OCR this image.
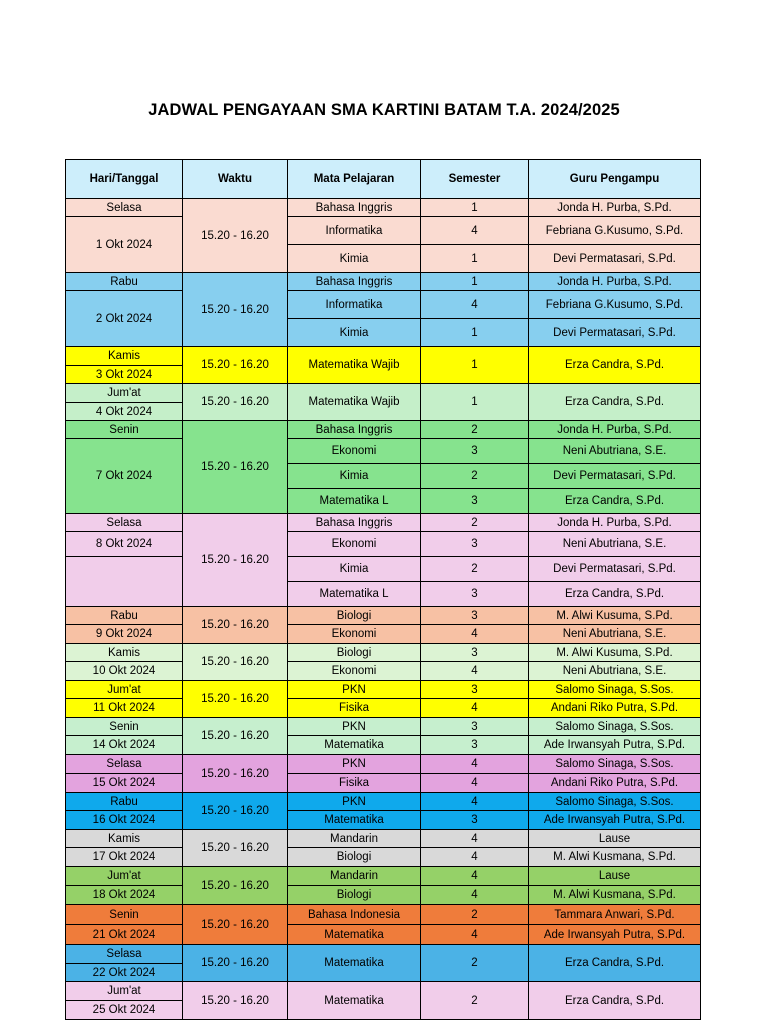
JADWAL PENGAYAAN SMA KARTINI BATAM T.A. 2024/2025
Hari/Tanggal	Waktu	Mata Pelajaran	Semester	Guru Pengampu
Selasa	15.20 - 16.20	Bahasa Inggris	1	Jonda H. Purba, S.Pd.
1 Okt 2024		Informatika	4	Febriana G.Kusumo, S.Pd.
		Kimia	1	Devi Permatasari, S.Pd.
Rabu	15.20 - 16.20	Bahasa Inggris	1	Jonda H. Purba, S.Pd.
2 Okt 2024		Informatika	4	Febriana G.Kusumo, S.Pd.
		Kimia	1	Devi Permatasari, S.Pd.
Kamis	15.20 - 16.20	Matematika Wajib	1	Erza Candra, S.Pd.
3 Okt 2024				
Jum'at	15.20 - 16.20	Matematika Wajib	1	Erza Candra, S.Pd.
4 Okt 2024				
Senin	15.20 - 16.20	Bahasa Inggris	2	Jonda H. Purba, S.Pd.
7 Okt 2024		Ekonomi	3	Neni Abutriana, S.E.
		Kimia	2	Devi Permatasari, S.Pd.
		Matematika L	3	Erza Candra, S.Pd.
Selasa	15.20 - 16.20	Bahasa Inggris	2	Jonda H. Purba, S.Pd.
8 Okt 2024		Ekonomi	3	Neni Abutriana, S.E.
		Kimia	2	Devi Permatasari, S.Pd.
		Matematika L	3	Erza Candra, S.Pd.
Rabu	15.20 - 16.20	Biologi	3	M. Alwi Kusuma, S.Pd.
9 Okt 2024		Ekonomi	4	Neni Abutriana, S.E.
Kamis	15.20 - 16.20	Biologi	3	M. Alwi Kusuma, S.Pd.
10 Okt 2024		Ekonomi	4	Neni Abutriana, S.E.
Jum'at	15.20 - 16.20	PKN	3	Salomo Sinaga, S.Sos.
11 Okt 2024		Fisika	4	Andani Riko Putra, S.Pd.
Senin	15.20 - 16.20	PKN	3	Salomo Sinaga, S.Sos.
14 Okt 2024		Matematika	3	Ade Irwansyah Putra, S.Pd.
Selasa	15.20 - 16.20	PKN	4	Salomo Sinaga, S.Sos.
15 Okt 2024		Fisika	4	Andani Riko Putra, S.Pd.
Rabu	15.20 - 16.20	PKN	4	Salomo Sinaga, S.Sos.
16 Okt 2024		Matematika	3	Ade Irwansyah Putra, S.Pd.
Kamis	15.20 - 16.20	Mandarin	4	Lause
17 Okt 2024		Biologi	4	M. Alwi Kusmana, S.Pd.
Jum'at	15.20 - 16.20	Mandarin	4	Lause
18 Okt 2024		Biologi	4	M. Alwi Kusmana, S.Pd.
Senin	15.20 - 16.20	Bahasa Indonesia	2	Tammara Anwari, S.Pd.
21 Okt 2024		Matematika	4	Ade Irwansyah Putra, S.Pd.
Selasa	15.20 - 16.20	Matematika	2	Erza Candra, S.Pd.
22 Okt 2024				
Jum'at	15.20 - 16.20	Matematika	2	Erza Candra, S.Pd.
25 Okt 2024				
